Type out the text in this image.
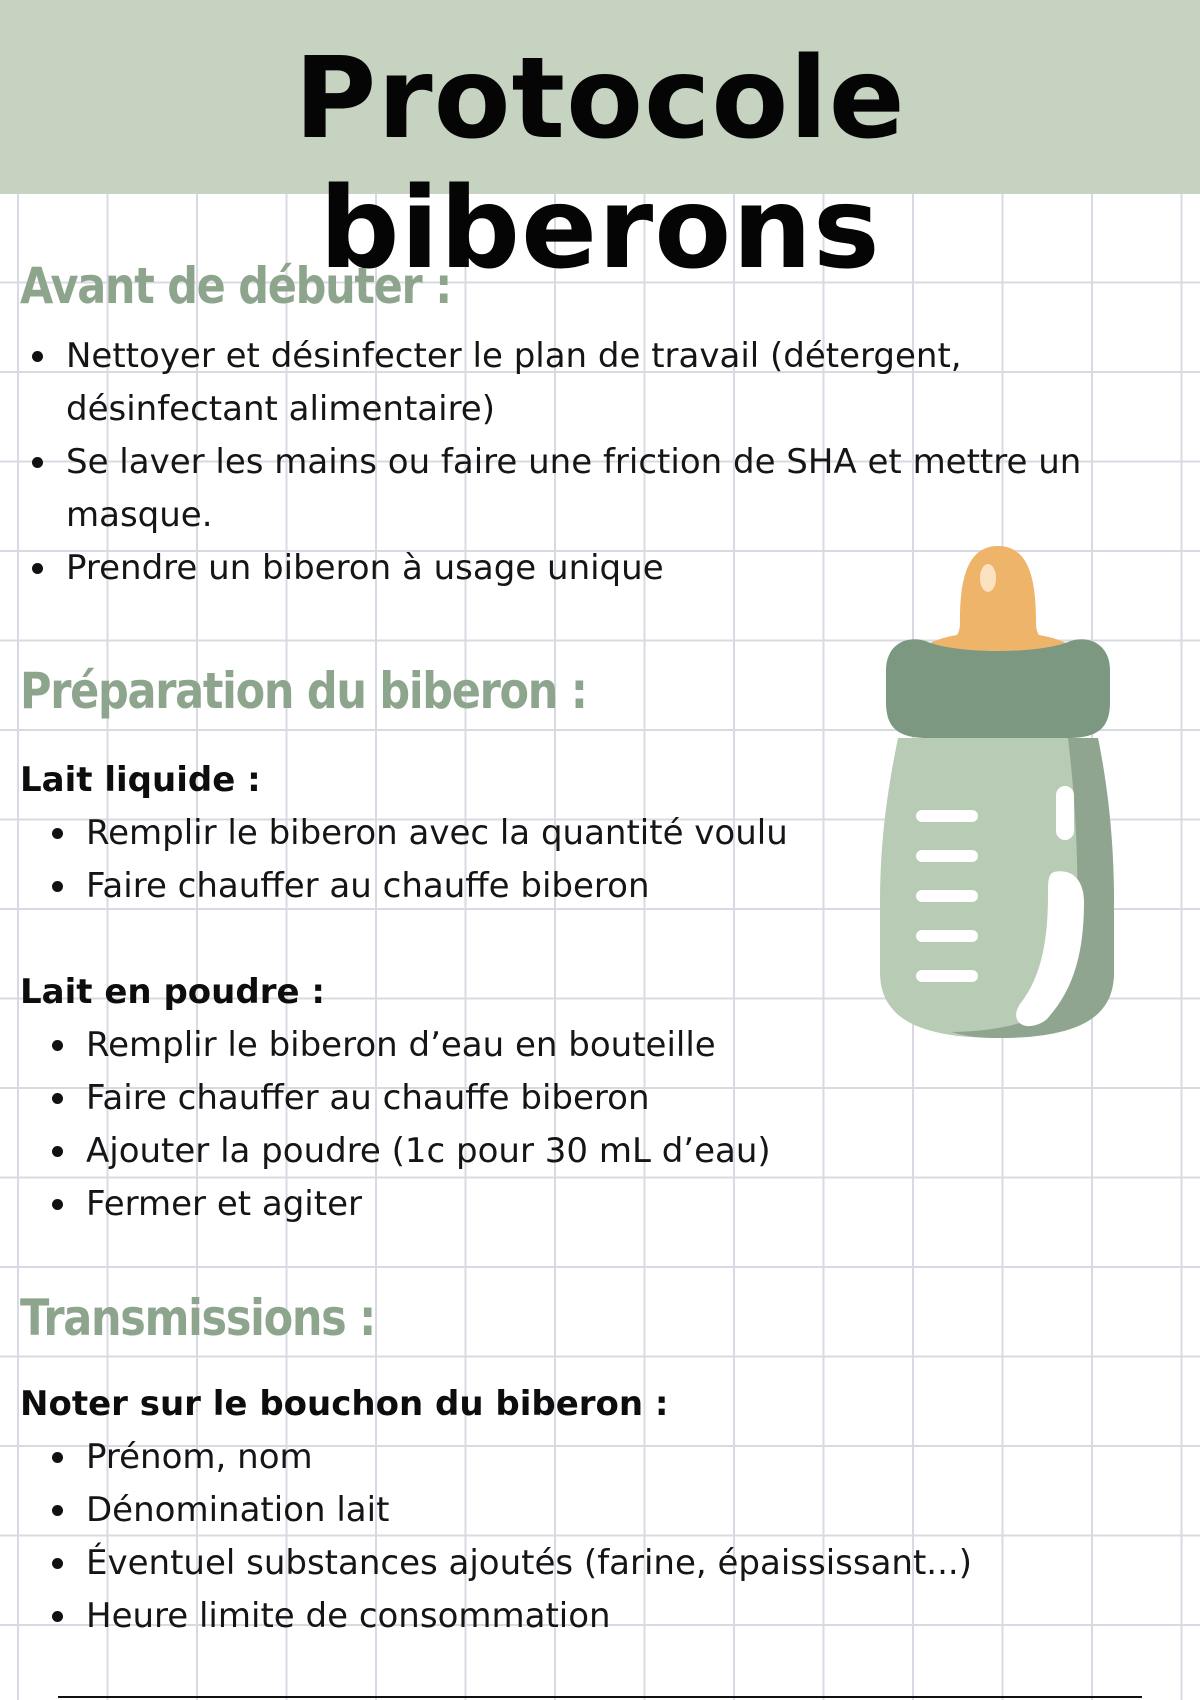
Protocole biberons
Avant de débuter :
Nettoyer et désinfecter le plan de travail (détergent, désinfectant alimentaire)
Se laver les mains ou faire une friction de SHA et mettre un masque.
Prendre un biberon à usage unique
Préparation du biberon :
Lait liquide :
Remplir le biberon avec la quantité voulu
Faire chauffer au chauffe biberon
Lait en poudre :
Remplir le biberon d’eau en bouteille
Faire chauffer au chauffe biberon
Ajouter la poudre (1c pour 30 mL d’eau)
Fermer et agiter
Transmissions :
Noter sur le bouchon du biberon :
Prénom, nom
Dénomination lait
Éventuel substances ajoutés (farine, épaississant...)
Heure limite de consommation
